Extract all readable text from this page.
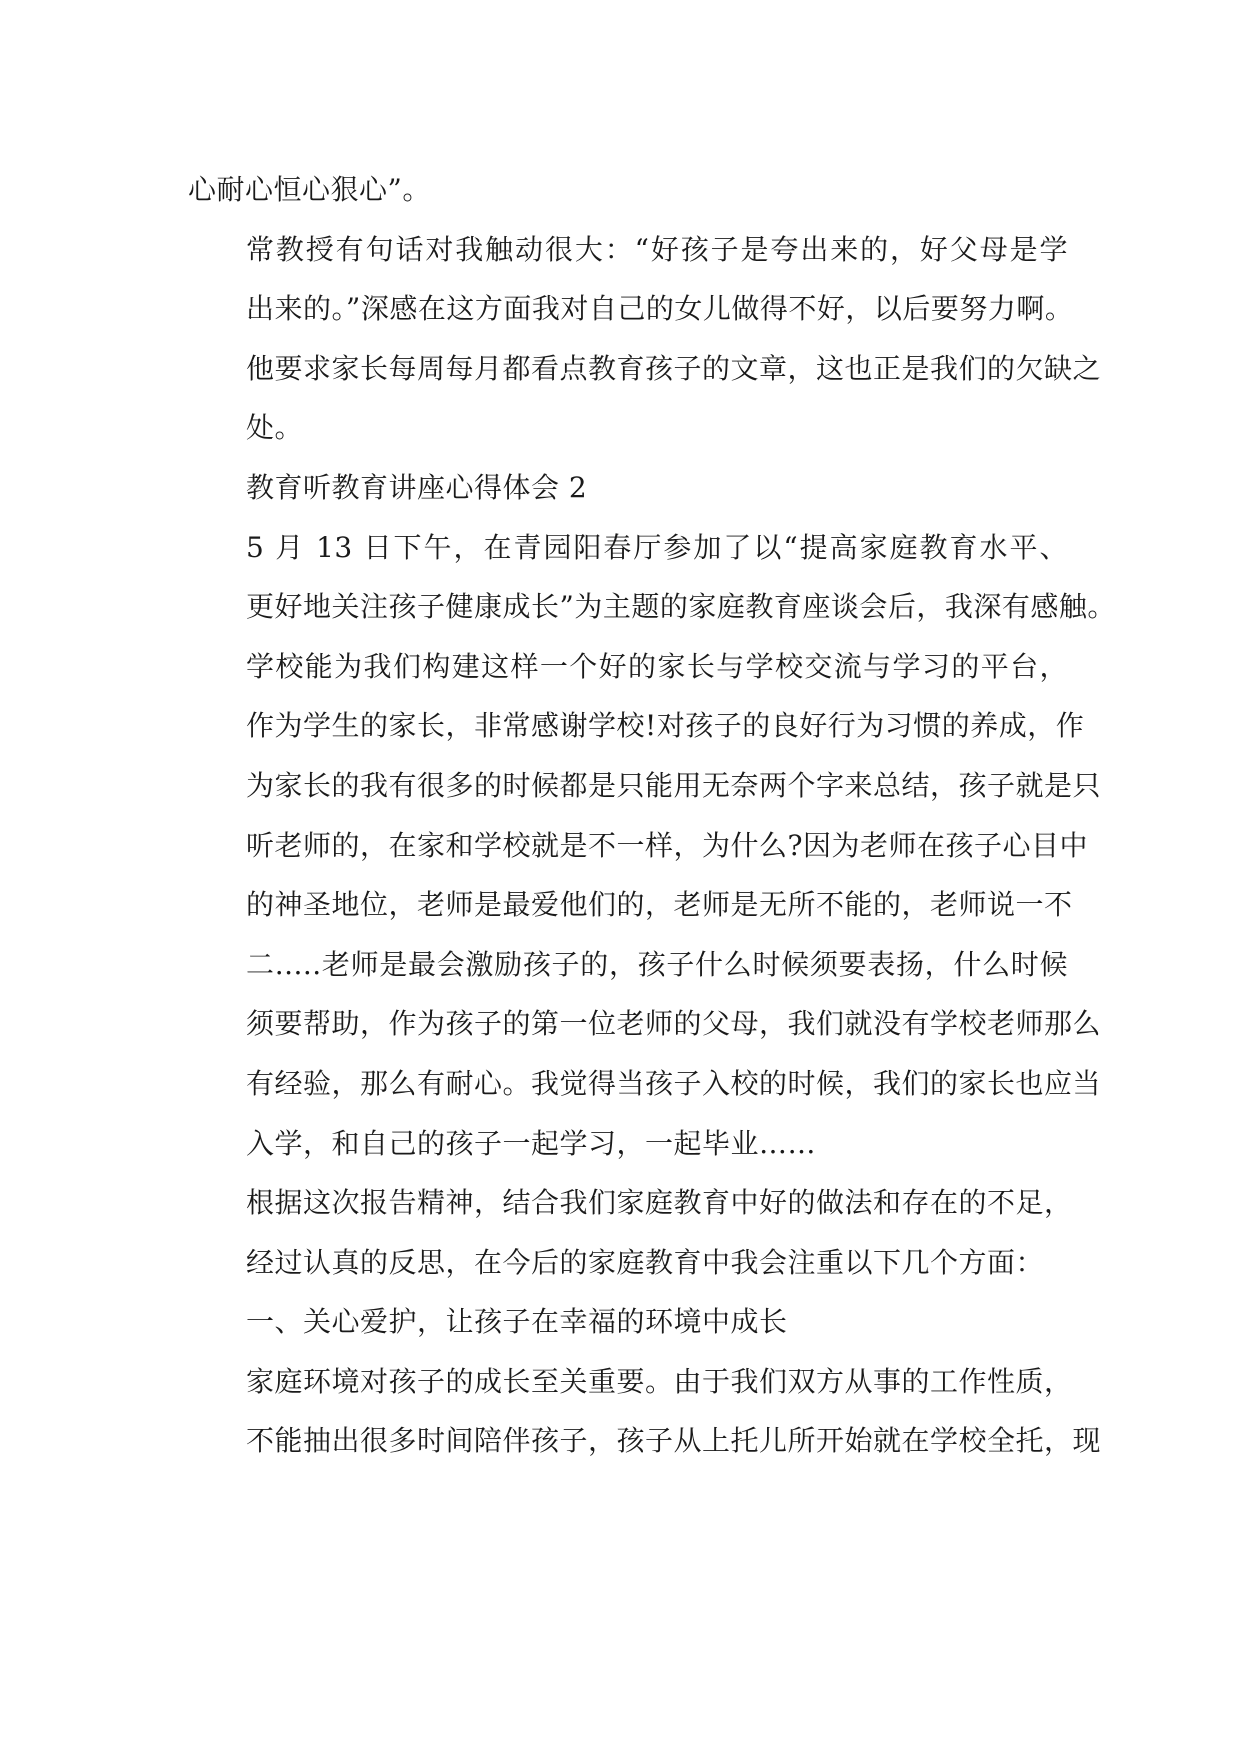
心耐心恒心狠心”。

常教授有句话对我触动很大：“好孩子是夸出来的，好父母是学
出来的。”深感在这方面我对自己的女儿做得不好，以后要努力啊。
他要求家长每周每月都看点教育孩子的文章，这也正是我们的欠缺之
处。

教育听教育讲座心得体会 2

5 月 13 日下午，在青园阳春厅参加了以“提高家庭教育水平、
更好地关注孩子健康成长”为主题的家庭教育座谈会后，我深有感触。

学校能为我们构建这样一个好的家长与学校交流与学习的平台，
作为学生的家长，非常感谢学校!对孩子的良好行为习惯的养成，作
为家长的我有很多的时候都是只能用无奈两个字来总结，孩子就是只
听老师的，在家和学校就是不一样，为什么?因为老师在孩子心目中
的神圣地位，老师是最爱他们的，老师是无所不能的，老师说一不
二.....老师是最会激励孩子的，孩子什么时候须要表扬，什么时候
须要帮助，作为孩子的第一位老师的父母，我们就没有学校老师那么
有经验，那么有耐心。我觉得当孩子入校的时候，我们的家长也应当
入学，和自己的孩子一起学习，一起毕业……

根据这次报告精神，结合我们家庭教育中好的做法和存在的不足，
经过认真的反思，在今后的家庭教育中我会注重以下几个方面：

一、关心爱护，让孩子在幸福的环境中成长

家庭环境对孩子的成长至关重要。由于我们双方从事的工作性质，
不能抽出很多时间陪伴孩子，孩子从上托儿所开始就在学校全托，现
